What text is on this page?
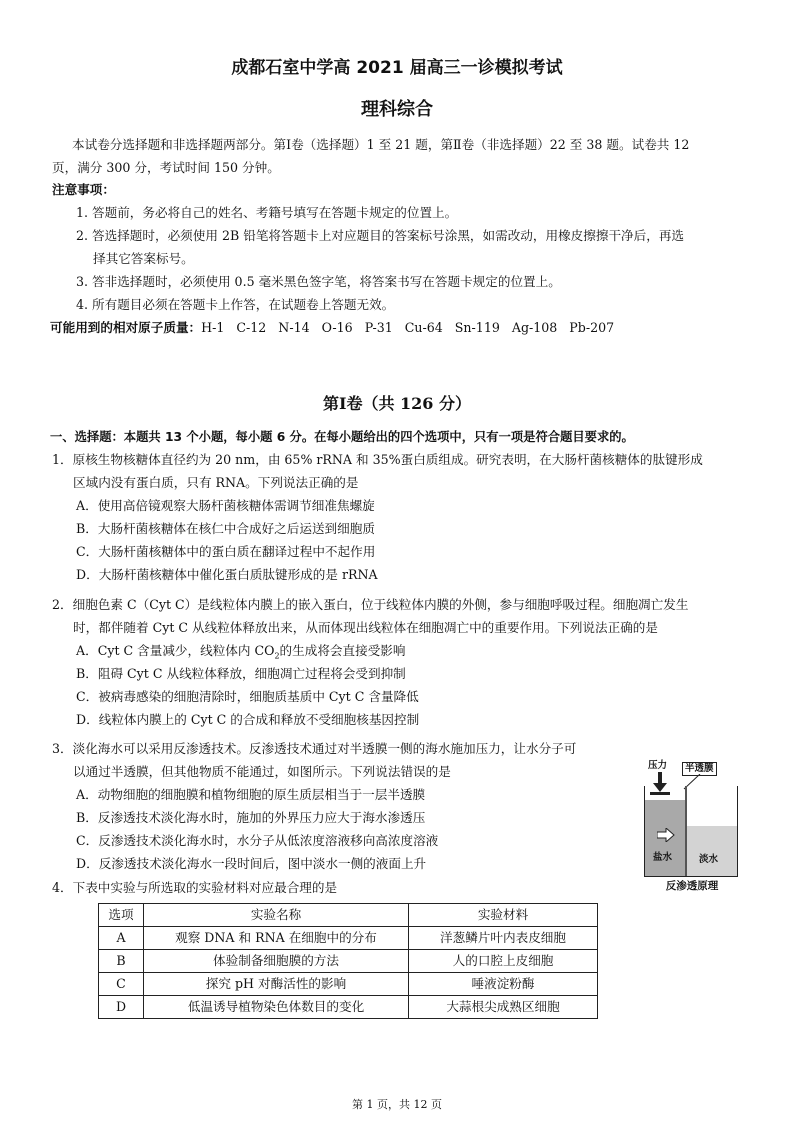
成都石室中学高 2021 届高三一诊模拟考试
理科综合
本试卷分选择题和非选择题两部分。第Ⅰ卷（选择题）1 至 21 题，第Ⅱ卷（非选择题）22 至 38 题。试卷共 12
页，满分 300 分，考试时间 150 分钟。
注意事项：
1. 答题前，务必将自己的姓名、考籍号填写在答题卡规定的位置上。
2. 答选择题时，必须使用 2B 铅笔将答题卡上对应题目的答案标号涂黑，如需改动，用橡皮擦擦干净后，再选
择其它答案标号。
3. 答非选择题时，必须使用 0.5 毫米黑色签字笔，将答案书写在答题卡规定的位置上。
4. 所有题目必须在答题卡上作答，在试题卷上答题无效。
可能用到的相对原子质量：H-1   C-12   N-14   O-16   P-31   Cu-64   Sn-119   Ag-108   Pb-207
第Ⅰ卷（共 126 分）
一、选择题：本题共 13 个小题，每小题 6 分。在每小题给出的四个选项中，只有一项是符合题目要求的。
1．原核生物核糖体直径约为 20 nm，由 65% rRNA 和 35%蛋白质组成。研究表明，在大肠杆菌核糖体的肽键形成
区域内没有蛋白质，只有 RNA。下列说法正确的是
A．使用高倍镜观察大肠杆菌核糖体需调节细准焦螺旋
B．大肠杆菌核糖体在核仁中合成好之后运送到细胞质
C．大肠杆菌核糖体中的蛋白质在翻译过程中不起作用
D．大肠杆菌核糖体中催化蛋白质肽键形成的是 rRNA
2．细胞色素 C（Cyt C）是线粒体内膜上的嵌入蛋白，位于线粒体内膜的外侧，参与细胞呼吸过程。细胞凋亡发生
时，都伴随着 Cyt C 从线粒体释放出来，从而体现出线粒体在细胞凋亡中的重要作用。下列说法正确的是
A．Cyt C 含量减少，线粒体内 $CO_2$的生成将会直接受影响
B．阻碍 Cyt C 从线粒体释放，细胞凋亡过程将会受到抑制
C．被病毒感染的细胞清除时，细胞质基质中 Cyt C 含量降低
D．线粒体内膜上的 Cyt C 的合成和释放不受细胞核基因控制
3．淡化海水可以采用反渗透技术。反渗透技术通过对半透膜一侧的海水施加压力，让水分子可
以通过半透膜，但其他物质不能通过，如图所示。下列说法错误的是
A．动物细胞的细胞膜和植物细胞的原生质层相当于一层半透膜
B．反渗透技术淡化海水时，施加的外界压力应大于海水渗透压
C．反渗透技术淡化海水时，水分子从低浓度溶液移向高浓度溶液
D．反渗透技术淡化海水一段时间后，图中淡水一侧的液面上升
压力	半透膜
盐水	淡水
反渗透原理
4．下表中实验与所选取的实验材料对应最合理的是
选项	实验名称	实验材料
A	观察 DNA 和 RNA 在细胞中的分布	洋葱鳞片叶内表皮细胞
B	体验制备细胞膜的方法	人的口腔上皮细胞
C	探究 pH 对酶活性的影响	唾液淀粉酶
D	低温诱导植物染色体数目的变化	大蒜根尖成熟区细胞
第 1 页，共 12 页
